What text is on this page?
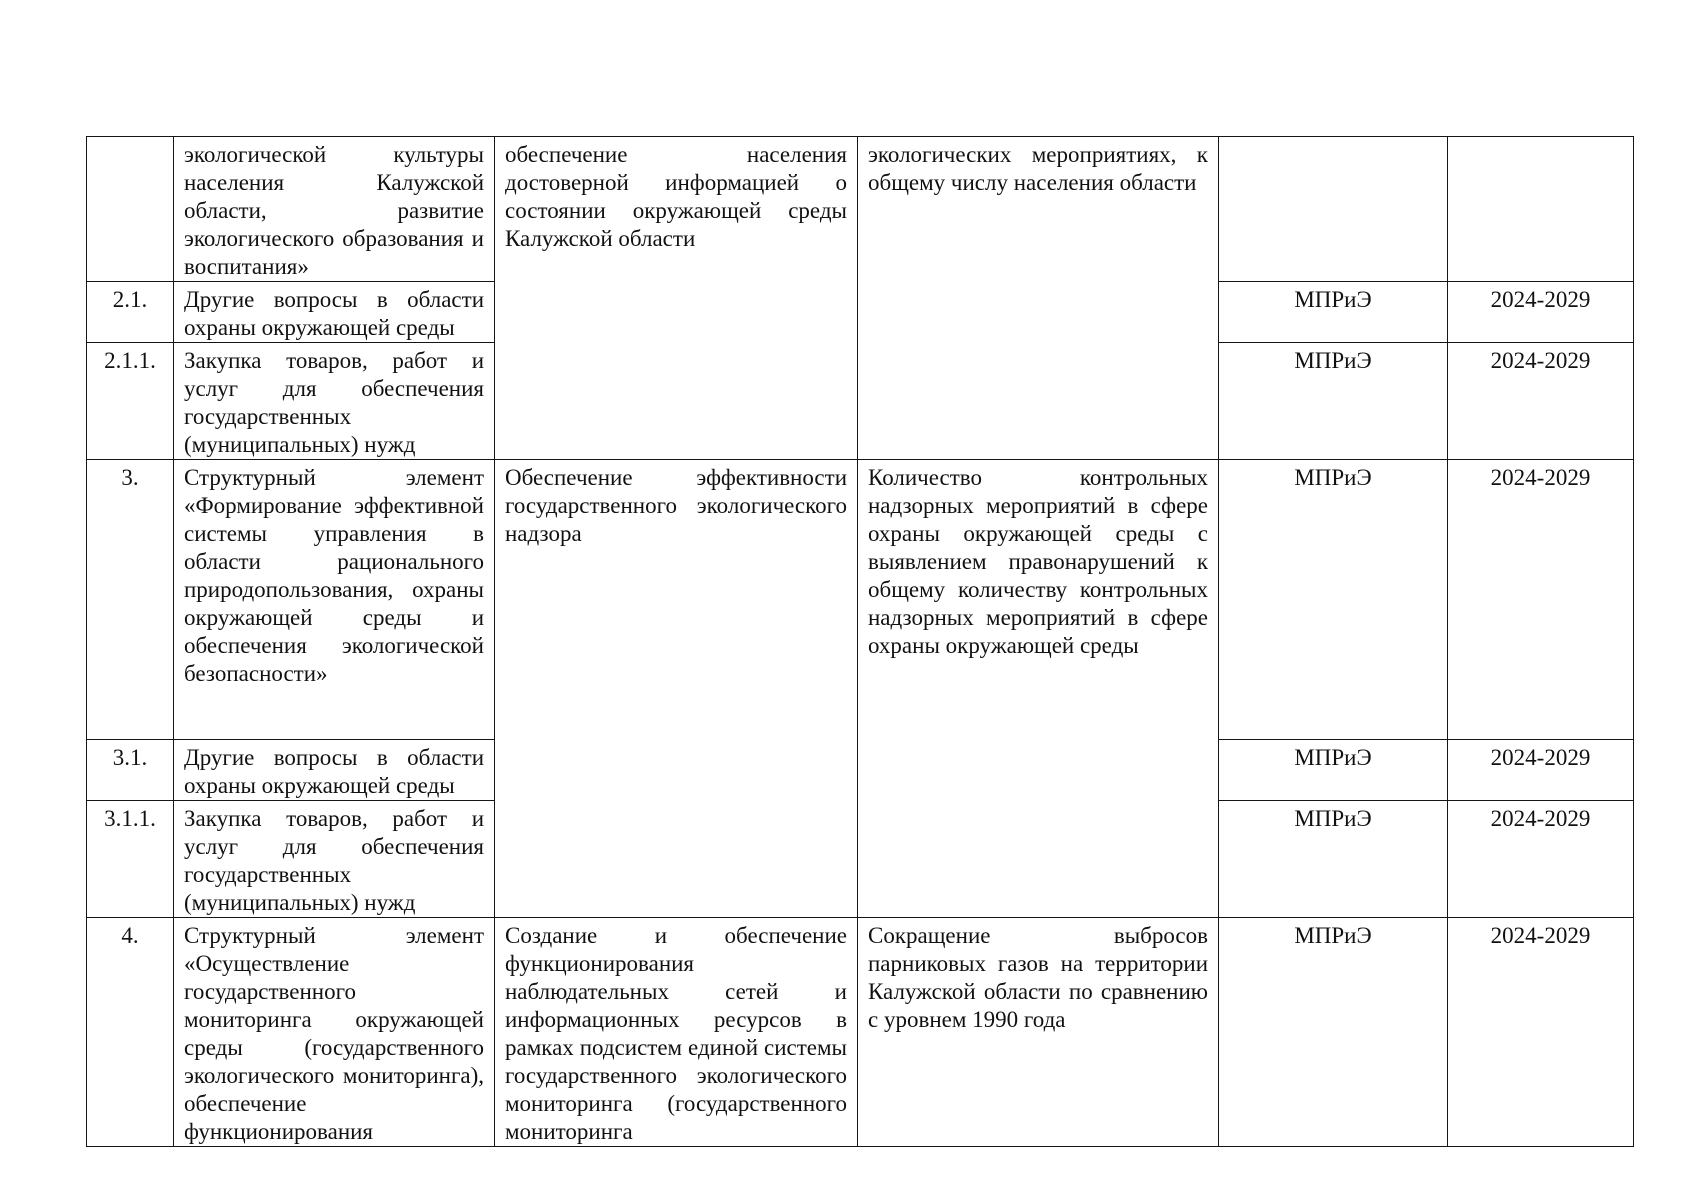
	экологической культуры населения Калужской области, развитие экологического образования и воспитания»	обеспечение населения достоверной информацией о состоянии окружающей среды Калужской области	экологических мероприятиях, к общему числу населения области		
2.1.	Другие вопросы в области охраны окружающей среды			МПРиЭ	2024-2029
2.1.1.	Закупка товаров, работ и услуг для обеспечения государственных (муниципальных) нужд			МПРиЭ	2024-2029
3.	Структурный элемент «Формирование эффективной системы управления в области рационального природопользования, охраны окружающей среды и обеспечения экологической безопасности»	Обеспечение эффективности государственного экологического надзора	Количество контрольных надзорных мероприятий в сфере охраны окружающей среды с выявлением правонарушений к общему количеству контрольных надзорных мероприятий в сфере охраны окружающей среды	МПРиЭ	2024-2029
3.1.	Другие вопросы в области охраны окружающей среды			МПРиЭ	2024-2029
3.1.1.	Закупка товаров, работ и услуг для обеспечения государственных (муниципальных) нужд			МПРиЭ	2024-2029
4.	Структурный элемент «Осуществление государственного мониторинга окружающей среды (государственного экологического мониторинга), обеспечение функционирования	Создание и обеспечение функционирования наблюдательных сетей и информационных ресурсов в рамках подсистем единой системы государственного экологического мониторинга (государственного мониторинга	Сокращение выбросов парниковых газов на территории Калужской области по сравнению с уровнем 1990 года	МПРиЭ	2024-2029
